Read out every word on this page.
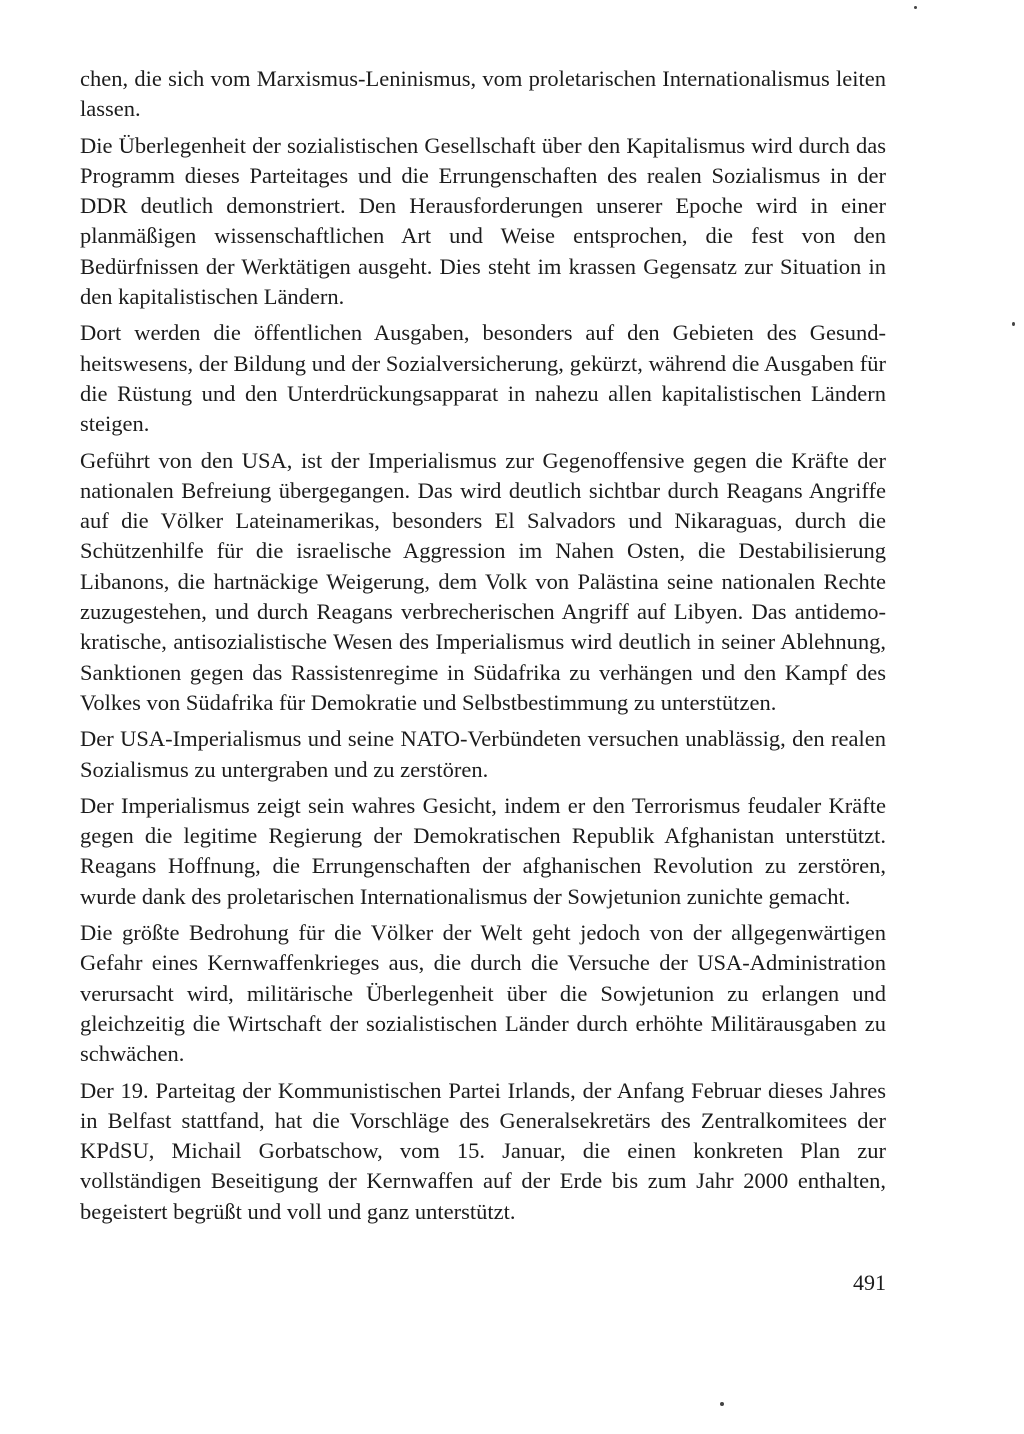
chen, die sich vom Marxismus-Leninismus, vom proletarischen Internationalismus leiten lassen.

Die Überlegenheit der sozialistischen Gesellschaft über den Kapitalismus wird durch das Programm dieses Parteitages und die Errungenschaften des realen Sozialismus in der DDR deutlich demonstriert. Den Herausforderungen unserer Epoche wird in einer planmäßigen wissenschaftlichen Art und Weise entsprochen, die fest von den Bedürfnissen der Werktätigen ausgeht. Dies steht im krassen Gegensatz zur Situation in den kapitalistischen Ländern.

Dort werden die öffentlichen Ausgaben, besonders auf den Gebieten des Gesundheitswesens, der Bildung und der Sozialversicherung, gekürzt, während die Ausgaben für die Rüstung und den Unterdrückungsapparat in nahezu allen kapitalistischen Ländern steigen.

Geführt von den USA, ist der Imperialismus zur Gegenoffensive gegen die Kräfte der nationalen Befreiung übergegangen. Das wird deutlich sichtbar durch Reagans Angriffe auf die Völker Lateinamerikas, besonders El Salvadors und Nikaraguas, durch die Schützenhilfe für die israelische Aggression im Nahen Osten, die Destabilisierung Libanons, die hartnäckige Weigerung, dem Volk von Palästina seine nationalen Rechte zuzugestehen, und durch Reagans verbrecherischen Angriff auf Libyen. Das antidemokratische, antisozialistische Wesen des Imperialismus wird deutlich in seiner Ablehnung, Sanktionen gegen das Rassistenregime in Südafrika zu verhängen und den Kampf des Volkes von Südafrika für Demokratie und Selbstbestimmung zu unterstützen.

Der USA-Imperialismus und seine NATO-Verbündeten versuchen unablässig, den realen Sozialismus zu untergraben und zu zerstören.

Der Imperialismus zeigt sein wahres Gesicht, indem er den Terrorismus feudaler Kräfte gegen die legitime Regierung der Demokratischen Republik Afghanistan unterstützt. Reagans Hoffnung, die Errungenschaften der afghanischen Revolution zu zerstören, wurde dank des proletarischen Internationalismus der Sowjetunion zunichte gemacht.

Die größte Bedrohung für die Völker der Welt geht jedoch von der allgegenwärtigen Gefahr eines Kernwaffenkrieges aus, die durch die Versuche der USA-Administration verursacht wird, militärische Überlegenheit über die Sowjetunion zu erlangen und gleichzeitig die Wirtschaft der sozialistischen Länder durch erhöhte Militärausgaben zu schwächen.

Der 19. Parteitag der Kommunistischen Partei Irlands, der Anfang Februar dieses Jahres in Belfast stattfand, hat die Vorschläge des Generalsekretärs des Zentralkomitees der KPdSU, Michail Gorbatschow, vom 15. Januar, die einen konkreten Plan zur vollständigen Beseitigung der Kernwaffen auf der Erde bis zum Jahr 2000 enthalten, begeistert begrüßt und voll und ganz unterstützt.

491
